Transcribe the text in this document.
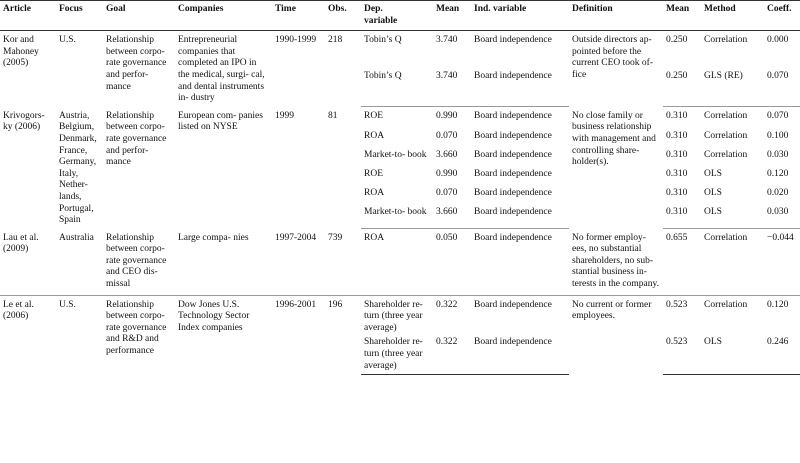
Article	Focus	Goal	Companies	Time	Obs.	Dep.
variable	Mean	Ind. variable	Definition	Mean	Method	Coeff.
Kor and Mahoney (2005)	U.S.	Relationship between corpo- rate governance and perfor- mance	Entrepreneurial companies that completed an IPO in the medical, surgi- cal, and dental instruments in- dustry	1990-1999	218	Tobin’s Q	3.740	Board independence	Outside directors ap- pointed before the current CEO took of- fice	0.250	Correlation	0.000
						Tobin’s Q	3.740	Board independence		0.250	GLS (RE)	0.070
Krivogors- ky (2006)	Austria, Belgium, Denmark, France, Germany, Italy, Nether- lands, Portugal, Spain	Relationship between corpo- rate governance and perfor- mance	European com- panies listed on NYSE	1999	81	ROE	0.990	Board independence	No close family or business relationship with management and controlling share- holder(s).	0.310	Correlation	0.070
						ROA	0.070	Board independence		0.310	Correlation	0.100
						Market-to- book	3.660	Board independence		0.310	Correlation	0.030
						ROE	0.990	Board independence		0.310	OLS	0.120
						ROA	0.070	Board independence		0.310	OLS	0.020
						Market-to- book	3.660	Board independence		0.310	OLS	0.030
Lau et al. (2009)	Australia	Relationship between corpo- rate governance and CEO dis- missal	Large compa- nies	1997-2004	739	ROA	0.050	Board independence	No former employ- ees, no substantial shareholders, no sub- stantial business in- terests in the company.	0.655	Correlation	−0.044
Le et al. (2006)	U.S.	Relationship between corpo- rate governance and R&D and performance	Dow Jones U.S. Technology Sector Index companies	1996-2001	196	Shareholder re- turn (three year average)	0.322	Board independence	No current or former employees.	0.523	Correlation	0.120
						Shareholder re- turn (three year average)	0.322	Board independence		0.523	OLS	0.246
